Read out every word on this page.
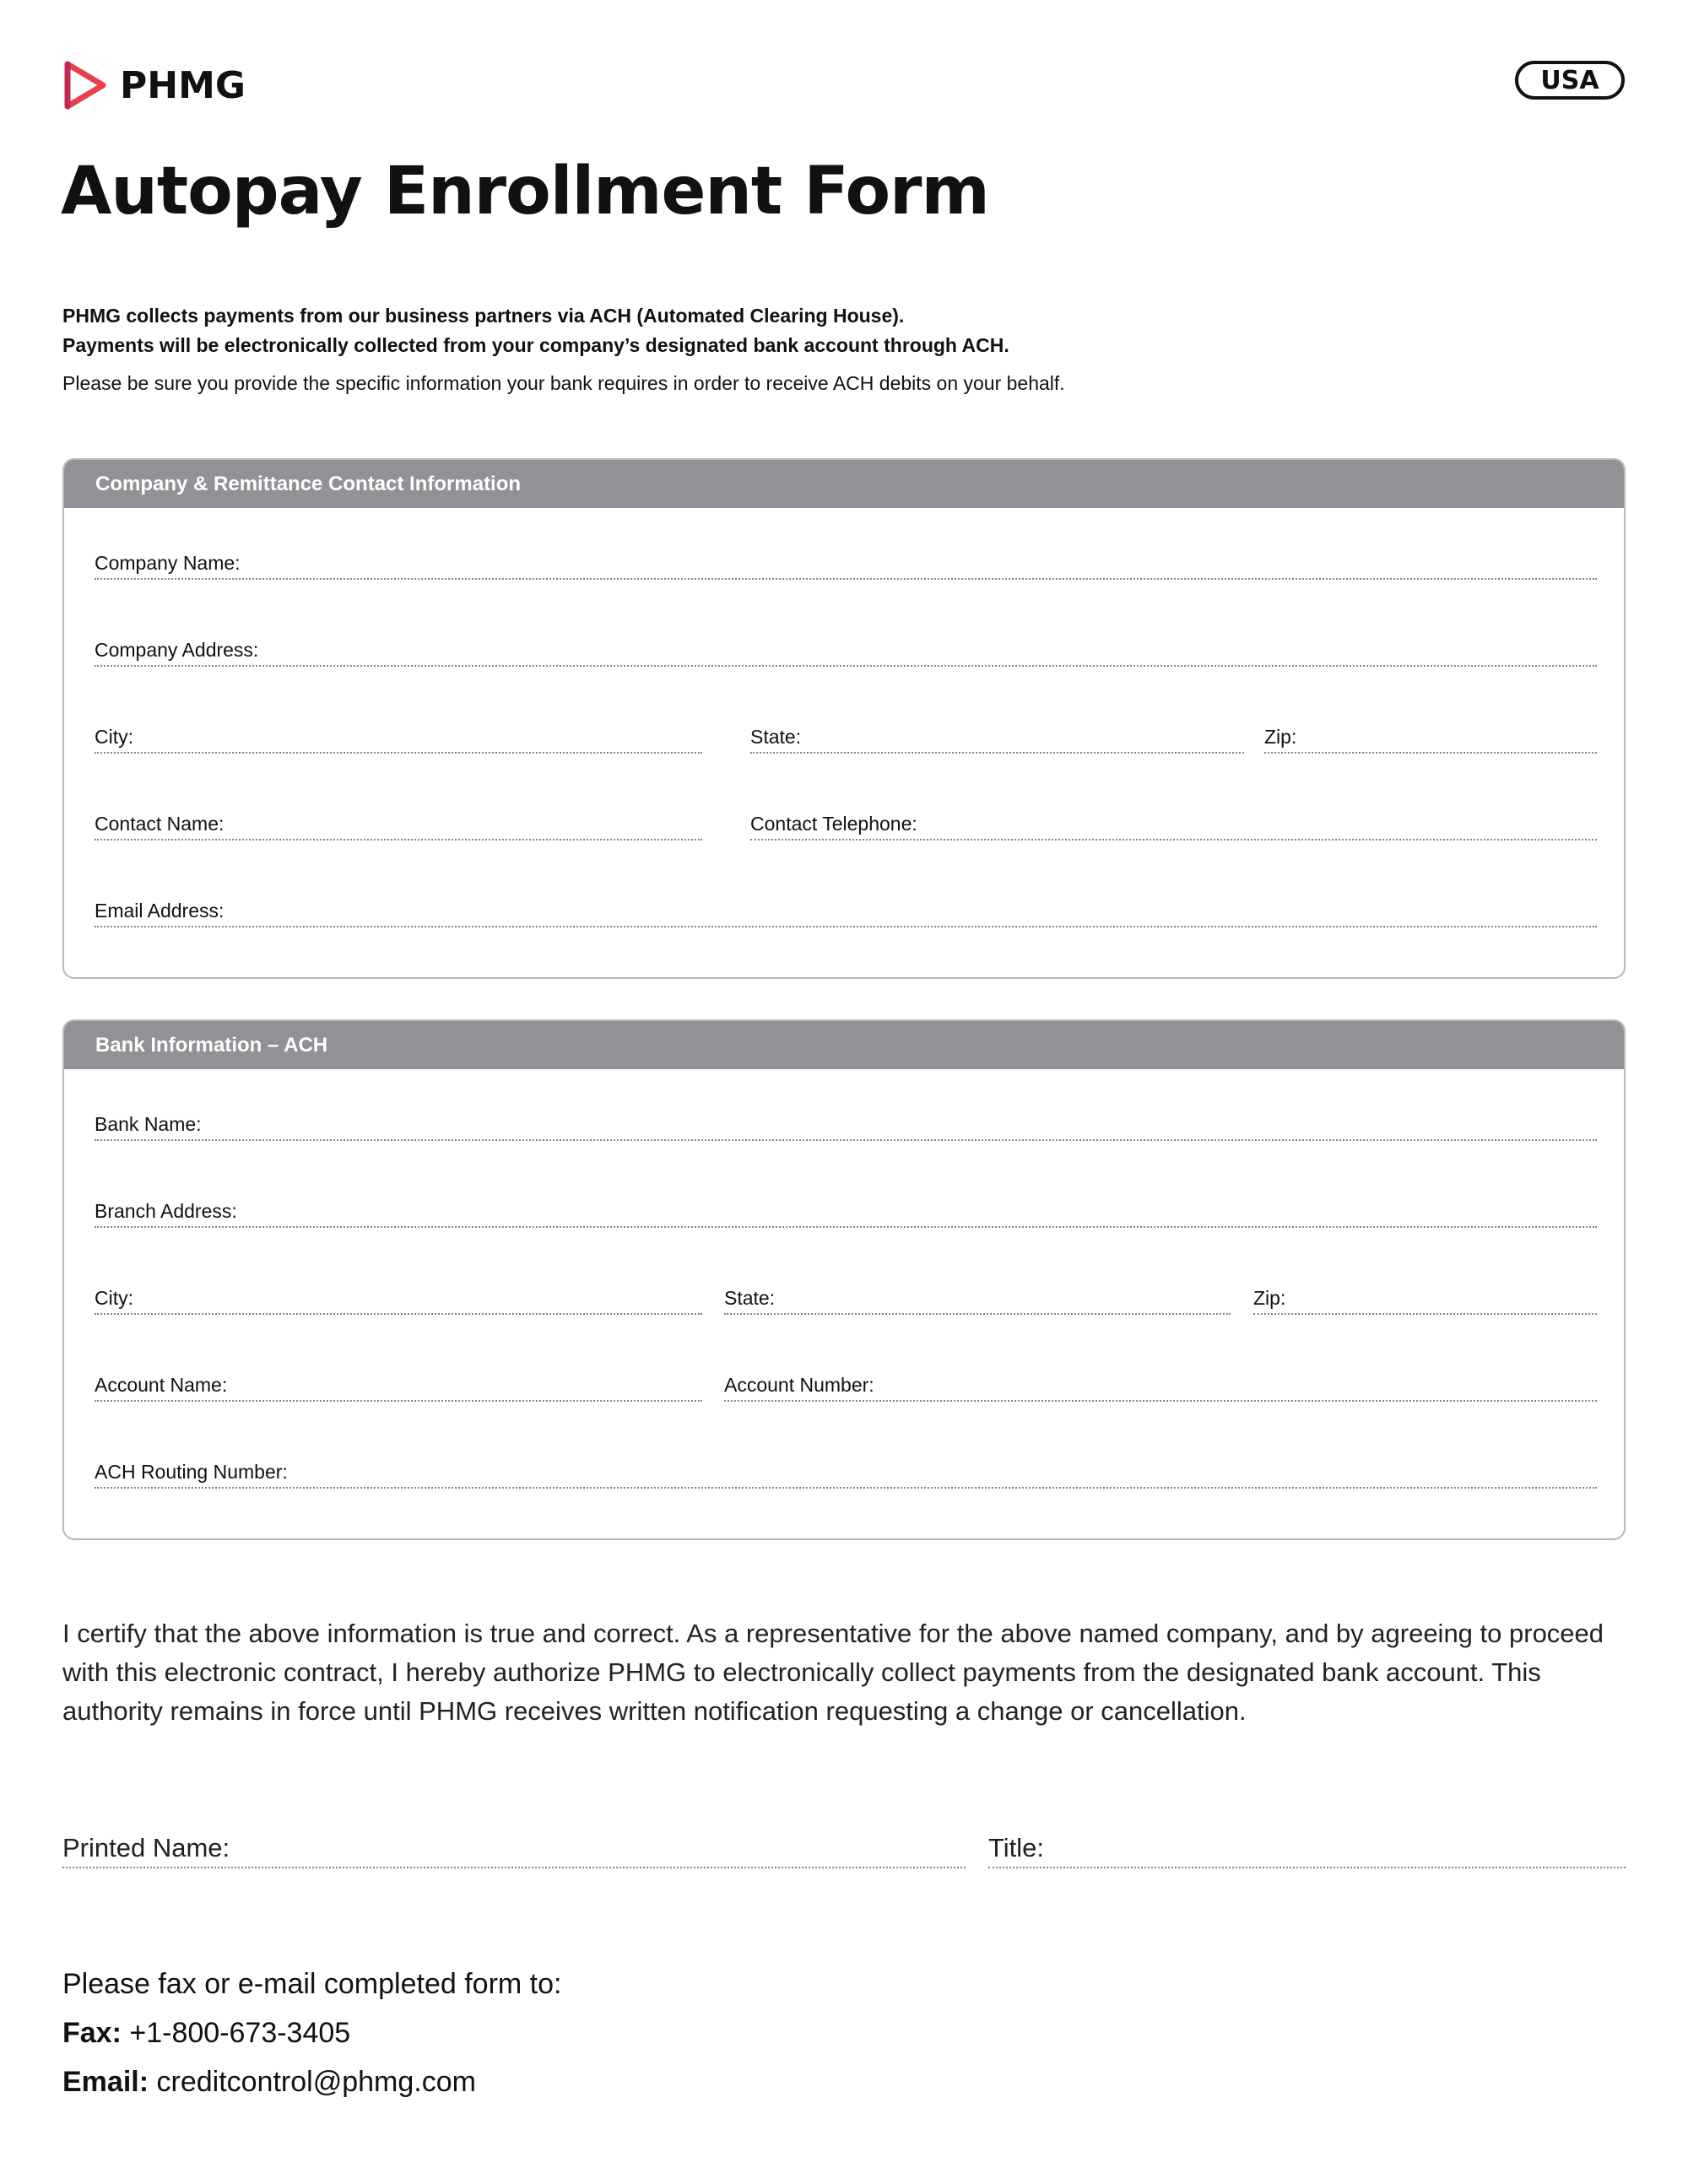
PHMG	USA
Autopay Enrollment Form

PHMG collects payments from our business partners via ACH (Automated Clearing House).

Payments will be electronically collected from your company’s designated bank account through ACH.

Please be sure you provide the specific information your bank requires in order to receive ACH debits on your behalf.

Company & Remittance Contact Information
Company Name:
Company Address:
City:	State:	Zip:
Contact Name:	Contact Telephone:
Email Address:
Bank Information – ACH
Bank Name:
Branch Address:
City:	State:	Zip:
Account Name:	Account Number:
ACH Routing Number:

I certify that the above information is true and correct. As a representative for the above named company, and by agreeing to proceed with this electronic contract, I hereby authorize PHMG to electronically collect payments from the designated bank account. This authority remains in force until PHMG receives written notification requesting a change or cancellation.

Printed Name:	Title:
Please fax or e-mail completed form to:
Fax: +1-800-673-3405
Email: creditcontrol@phmg.com
